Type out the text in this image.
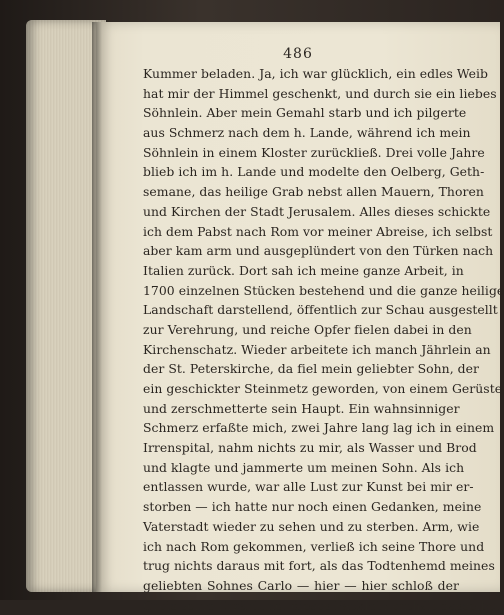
486
Kummer beladen. Ja, ich war glücklich, ein edles Weib
hat mir der Himmel geschenkt, und durch sie ein liebes
Söhnlein. Aber mein Gemahl starb und ich pilgerte
aus Schmerz nach dem h. Lande, während ich mein
Söhnlein in einem Kloster zurückließ. Drei volle Jahre
blieb ich im h. Lande und modelte den Oelberg, Geth-
semane, das heilige Grab nebst allen Mauern, Thoren
und Kirchen der Stadt Jerusalem. Alles dieses schickte
ich dem Pabst nach Rom vor meiner Abreise, ich selbst
aber kam arm und ausgeplündert von den Türken nach
Italien zurück. Dort sah ich meine ganze Arbeit, in
1700 einzelnen Stücken bestehend und die ganze heilige
Landschaft darstellend, öffentlich zur Schau ausgestellt
zur Verehrung, und reiche Opfer fielen dabei in den
Kirchenschatz. Wieder arbeitete ich manch Jährlein an
der St. Peterskirche, da fiel mein geliebter Sohn, der
ein geschickter Steinmetz geworden, von einem Gerüste
und zerschmetterte sein Haupt. Ein wahnsinniger
Schmerz erfaßte mich, zwei Jahre lang lag ich in einem
Irrenspital, nahm nichts zu mir, als Wasser und Brod
und klagte und jammerte um meinen Sohn. Als ich
entlassen wurde, war alle Lust zur Kunst bei mir er-
storben — ich hatte nur noch einen Gedanken, meine
Vaterstadt wieder zu sehen und zu sterben. Arm, wie
ich nach Rom gekommen, verließ ich seine Thore und
trug nichts daraus mit fort, als das Todtenhemd meines
geliebten Sohnes Carlo — hier — hier schloß der
Greis seine Erzählung, dieses Päcklein enthält dasselbe.
